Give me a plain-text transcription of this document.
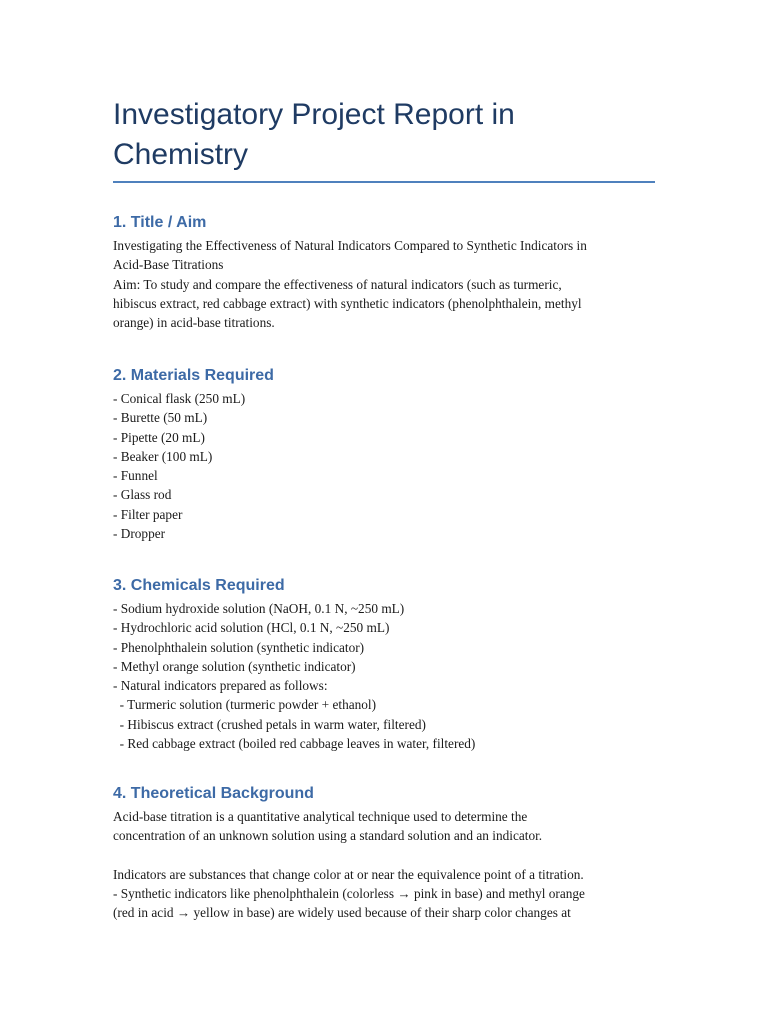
Investigatory Project Report in
Chemistry
1. Title / Aim

Investigating the Effectiveness of Natural Indicators Compared to Synthetic Indicators in

Acid-Base Titrations

Aim: To study and compare the effectiveness of natural indicators (such as turmeric,

hibiscus extract, red cabbage extract) with synthetic indicators (phenolphthalein, methyl

orange) in acid-base titrations.

2. Materials Required

- Conical flask (250 mL)

- Burette (50 mL)

- Pipette (20 mL)

- Beaker (100 mL)

- Funnel

- Glass rod

- Filter paper

- Dropper

3. Chemicals Required

- Sodium hydroxide solution (NaOH, 0.1 N, ~250 mL)

- Hydrochloric acid solution (HCl, 0.1 N, ~250 mL)

- Phenolphthalein solution (synthetic indicator)

- Methyl orange solution (synthetic indicator)

- Natural indicators prepared as follows:

- Turmeric solution (turmeric powder + ethanol)

- Hibiscus extract (crushed petals in warm water, filtered)

- Red cabbage extract (boiled red cabbage leaves in water, filtered)

4. Theoretical Background

Acid-base titration is a quantitative analytical technique used to determine the

concentration of an unknown solution using a standard solution and an indicator.

Indicators are substances that change color at or near the equivalence point of a titration.

- Synthetic indicators like phenolphthalein (colorless → pink in base) and methyl orange

(red in acid → yellow in base) are widely used because of their sharp color changes at
